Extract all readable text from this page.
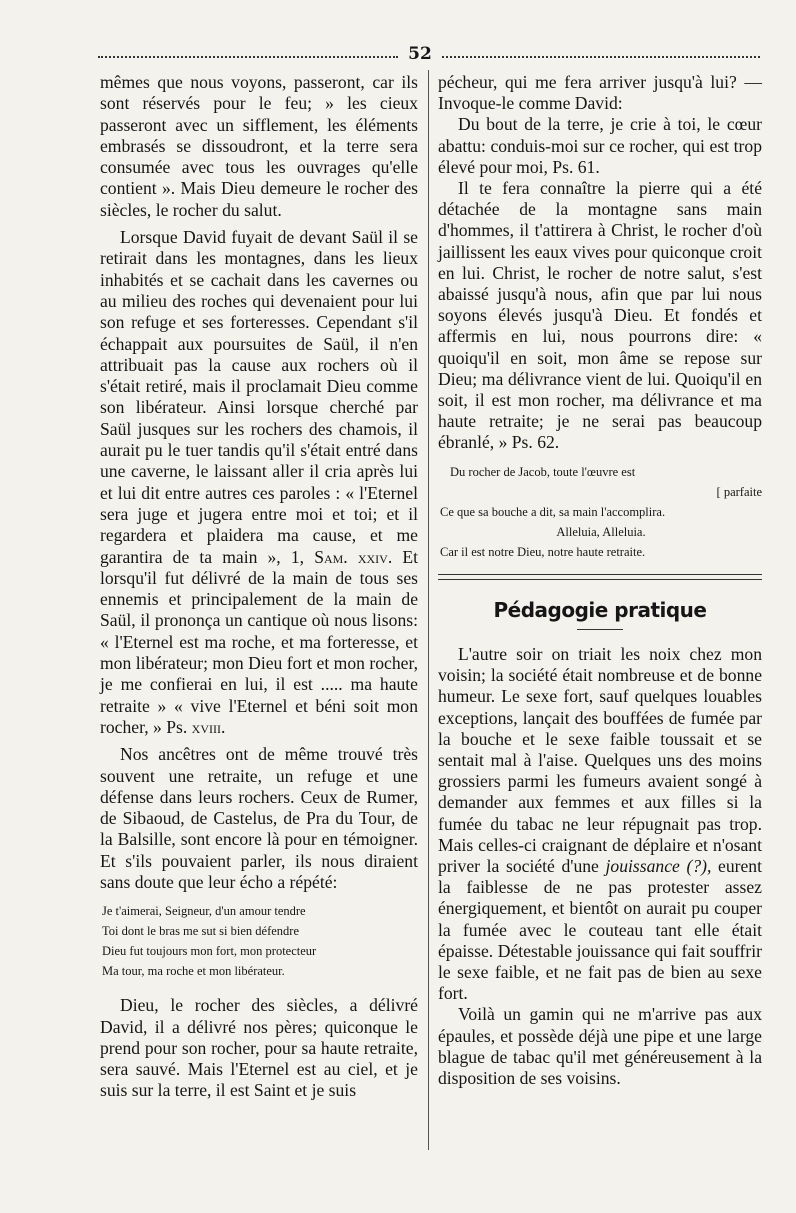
52

mêmes que nous voyons, passeront, car ils sont réservés pour le feu; » les cieux passeront avec un sifflement, les éléments embrasés se dissoudront, et la terre sera consumée avec tous les ouvrages qu'elle contient ». Mais Dieu demeure le rocher des siècles, le rocher du salut.

Lorsque David fuyait de devant Saül il se retirait dans les montagnes, dans les lieux inhabités et se cachait dans les cavernes ou au milieu des roches qui devenaient pour lui son refuge et ses forteresses. Cependant s'il échappait aux poursuites de Saül, il n'en attribuait pas la cause aux rochers où il s'était retiré, mais il proclamait Dieu comme son libérateur. Ainsi lorsque cherché par Saül jusques sur les rochers des chamois, il aurait pu le tuer tandis qu'il s'était entré dans une caverne, le laissant aller il cria après lui et lui dit entre autres ces paroles : « l'Eternel sera juge et jugera entre moi et toi; et il regardera et plaidera ma cause, et me garantira de ta main », 1, Sam. xxiv. Et lorsqu'il fut délivré de la main de tous ses ennemis et principalement de la main de Saül, il prononça un cantique où nous lisons: « l'Eternel est ma roche, et ma forteresse, et mon libérateur; mon Dieu fort et mon rocher, je me confierai en lui, il est ..... ma haute retraite » « vive l'Eternel et béni soit mon rocher, » Ps. xviii.

Nos ancêtres ont de même trouvé très souvent une retraite, un refuge et une défense dans leurs rochers. Ceux de Rumer, de Sibaoud, de Castelus, de Pra du Tour, de la Balsille, sont encore là pour en témoigner. Et s'ils pouvaient parler, ils nous diraient sans doute que leur écho a répété:

Je t'aimerai, Seigneur, d'un amour tendre
Toi dont le bras me sut si bien défendre
Dieu fut toujours mon fort, mon protecteur
Ma tour, ma roche et mon libérateur.

Dieu, le rocher des siècles, a délivré David, il a délivré nos pères; quiconque le prend pour son rocher, pour sa haute retraite, sera sauvé. Mais l'Eternel est au ciel, et je suis sur la terre, il est Saint et je suis

pécheur, qui me fera arriver jusqu'à lui? — Invoque-le comme David:

Du bout de la terre, je crie à toi, le cœur abattu: conduis-moi sur ce rocher, qui est trop élevé pour moi, Ps. 61.

Il te fera connaître la pierre qui a été détachée de la montagne sans main d'hommes, il t'attirera à Christ, le rocher d'où jaillissent les eaux vives pour quiconque croit en lui. Christ, le rocher de notre salut, s'est abaissé jusqu'à nous, afin que par lui nous soyons élevés jusqu'à Dieu. Et fondés et affermis en lui, nous pourrons dire: « quoiqu'il en soit, mon âme se repose sur Dieu; ma délivrance vient de lui. Quoiqu'il en soit, il est mon rocher, ma délivrance et ma haute retraite; je ne serai pas beaucoup ébranlé, » Ps. 62.

Du rocher de Jacob, toute l'œuvre est
[ parfaite
Ce que sa bouche a dit, sa main l'accomplira.
Alleluia, Alleluia.
Car il est notre Dieu, notre haute retraite.
Pédagogie pratique

L'autre soir on triait les noix chez mon voisin; la société était nombreuse et de bonne humeur. Le sexe fort, sauf quelques louables exceptions, lançait des bouffées de fumée par la bouche et le sexe faible toussait et se sentait mal à l'aise. Quelques uns des moins grossiers parmi les fumeurs avaient songé à demander aux femmes et aux filles si la fumée du tabac ne leur répugnait pas trop. Mais celles-ci craignant de déplaire et n'osant priver la société d'une jouissance (?), eurent la faiblesse de ne pas protester assez énergiquement, et bientôt on aurait pu couper la fumée avec le couteau tant elle était épaisse. Détestable jouissance qui fait souffrir le sexe faible, et ne fait pas de bien au sexe fort.

Voilà un gamin qui ne m'arrive pas aux épaules, et possède déjà une pipe et une large blague de tabac qu'il met généreusement à la disposition de ses voisins.
